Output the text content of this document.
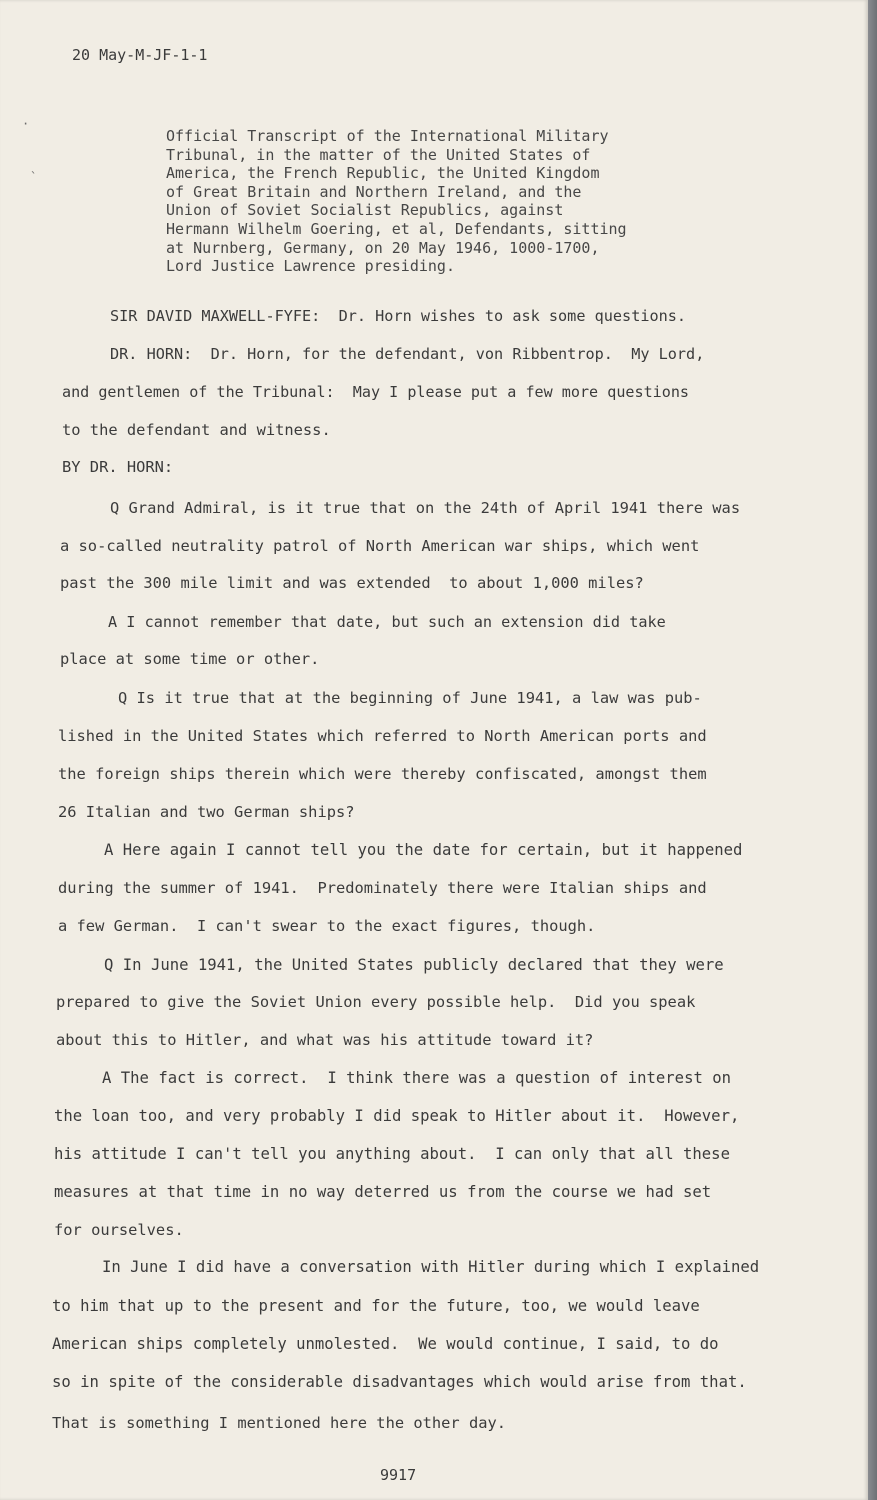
20 May-M-JF-1-1
·
`
Official Transcript of the International Military
Tribunal, in the matter of the United States of
America, the French Republic, the United Kingdom
of Great Britain and Northern Ireland, and the
Union of Soviet Socialist Republics, against
Hermann Wilhelm Goering, et al, Defendants, sitting
at Nurnberg, Germany, on 20 May 1946, 1000-1700,
Lord Justice Lawrence presiding.
SIR DAVID MAXWELL-FYFE:  Dr. Horn wishes to ask some questions.
DR. HORN:  Dr. Horn, for the defendant, von Ribbentrop.  My Lord,
and gentlemen of the Tribunal:  May I please put a few more questions
to the defendant and witness.
BY DR. HORN:
Q Grand Admiral, is it true that on the 24th of April 1941 there was
a so-called neutrality patrol of North American war ships, which went
past the 300 mile limit and was extended  to about 1,000 miles?
A I cannot remember that date, but such an extension did take
place at some time or other.
Q Is it true that at the beginning of June 1941, a law was pub-
lished in the United States which referred to North American ports and
the foreign ships therein which were thereby confiscated, amongst them
26 Italian and two German ships?
A Here again I cannot tell you the date for certain, but it happened
during the summer of 1941.  Predominately there were Italian ships and
a few German.  I can't swear to the exact figures, though.
Q In June 1941, the United States publicly declared that they were
prepared to give the Soviet Union every possible help.  Did you speak
about this to Hitler, and what was his attitude toward it?
A The fact is correct.  I think there was a question of interest on
the loan too, and very probably I did speak to Hitler about it.  However,
his attitude I can't tell you anything about.  I can only that all these
measures at that time in no way deterred us from the course we had set
for ourselves.
In June I did have a conversation with Hitler during which I explained
to him that up to the present and for the future, too, we would leave
American ships completely unmolested.  We would continue, I said, to do
so in spite of the considerable disadvantages which would arise from that.
That is something I mentioned here the other day.
9917
